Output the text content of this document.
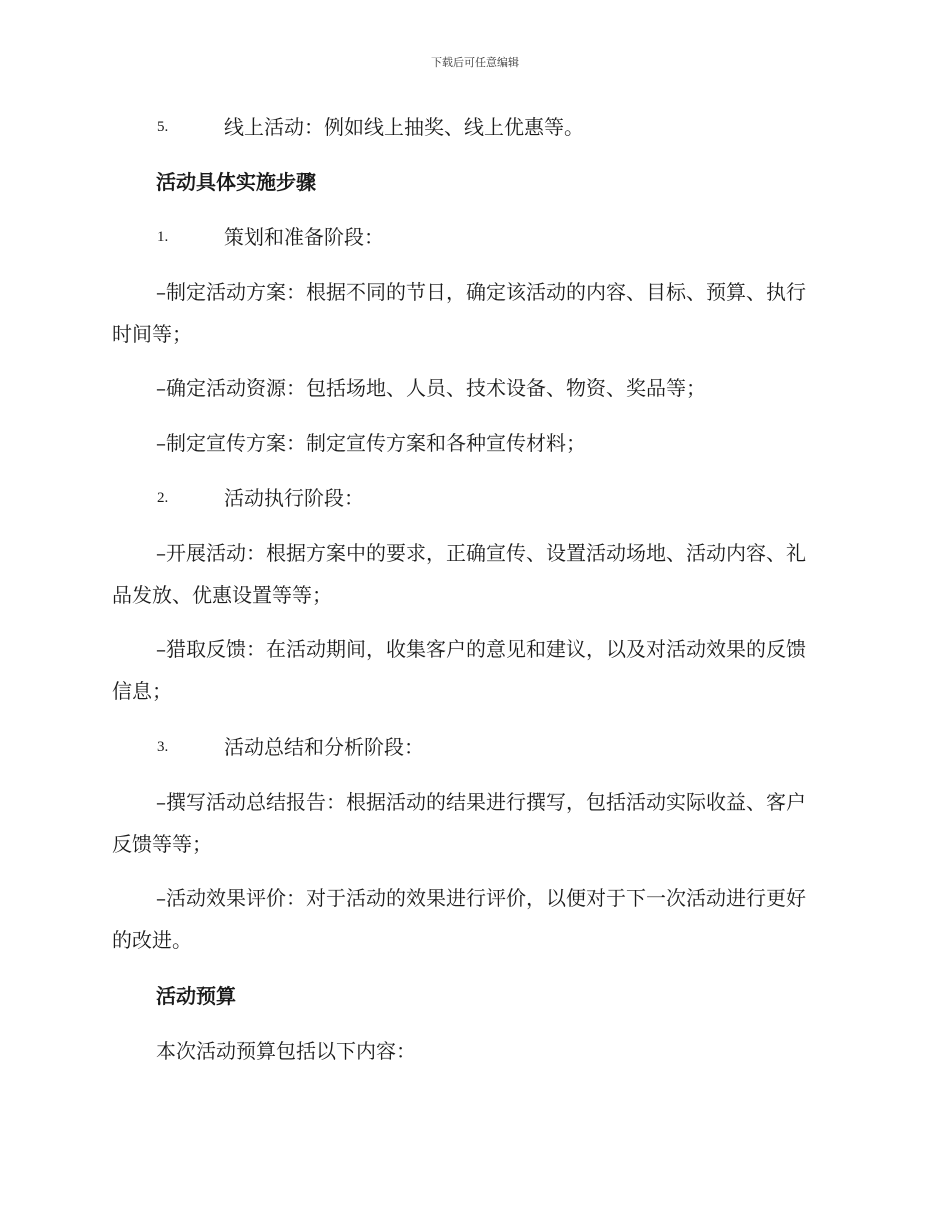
下载后可任意编辑
5.	线上活动：例如线上抽奖、线上优惠等。
活动具体实施步骤
1.	策划和准备阶段：
–制定活动方案：根据不同的节日，确定该活动的内容、目标、预算、执行时间等；
–确定活动资源：包括场地、人员、技术设备、物资、奖品等；
–制定宣传方案：制定宣传方案和各种宣传材料；
2.	活动执行阶段：
–开展活动：根据方案中的要求，正确宣传、设置活动场地、活动内容、礼品发放、优惠设置等等；
–猎取反馈：在活动期间，收集客户的意见和建议，以及对活动效果的反馈信息；
3.	活动总结和分析阶段：
–撰写活动总结报告：根据活动的结果进行撰写，包括活动实际收益、客户反馈等等；
–活动效果评价：对于活动的效果进行评价，以便对于下一次活动进行更好的改进。
活动预算
本次活动预算包括以下内容：
